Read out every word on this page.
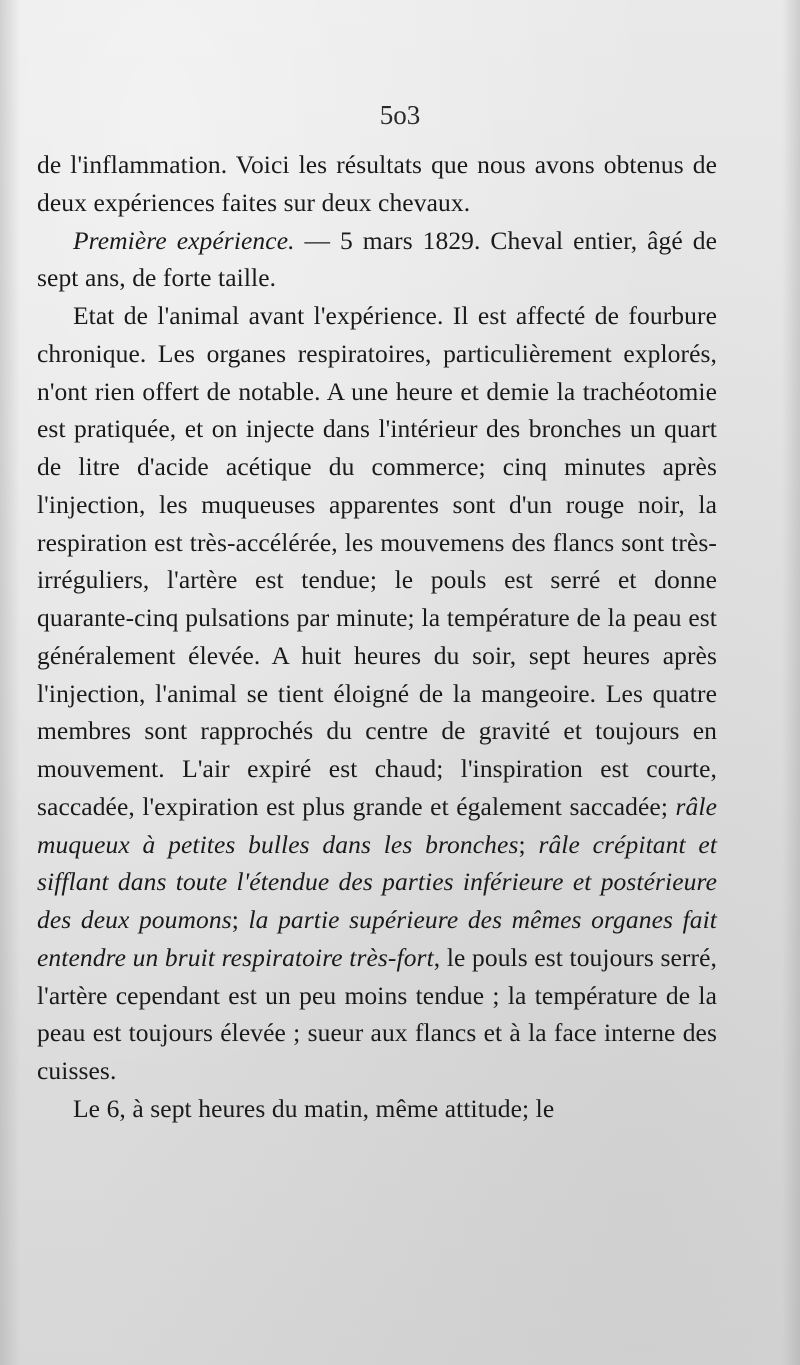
5o3

de l'inflammation. Voici les résultats que nous avons obtenus de deux expériences faites sur deux chevaux.

Première expérience. — 5 mars 1829. Cheval entier, âgé de sept ans, de forte taille.

Etat de l'animal avant l'expérience. Il est affecté de fourbure chronique. Les organes respiratoires, particulièrement explorés, n'ont rien offert de notable. A une heure et demie la trachéotomie est pratiquée, et on injecte dans l'intérieur des bronches un quart de litre d'acide acétique du commerce; cinq minutes après l'injection, les muqueuses apparentes sont d'un rouge noir, la respiration est très-accélérée, les mouvemens des flancs sont très-irréguliers, l'artère est tendue; le pouls est serré et donne quarante-cinq pulsations par minute; la température de la peau est généralement élevée. A huit heures du soir, sept heures après l'injection, l'animal se tient éloigné de la mangeoire. Les quatre membres sont rapprochés du centre de gravité et toujours en mouvement. L'air expiré est chaud; l'inspiration est courte, saccadée, l'expiration est plus grande et également saccadée; râle muqueux à petites bulles dans les bronches; râle crépitant et sifflant dans toute l'étendue des parties inférieure et postérieure des deux poumons; la partie supérieure des mêmes organes fait entendre un bruit respiratoire très-fort, le pouls est toujours serré, l'artère cependant est un peu moins tendue ; la température de la peau est toujours élevée ; sueur aux flancs et à la face interne des cuisses.

Le 6, à sept heures du matin, même attitude; le
